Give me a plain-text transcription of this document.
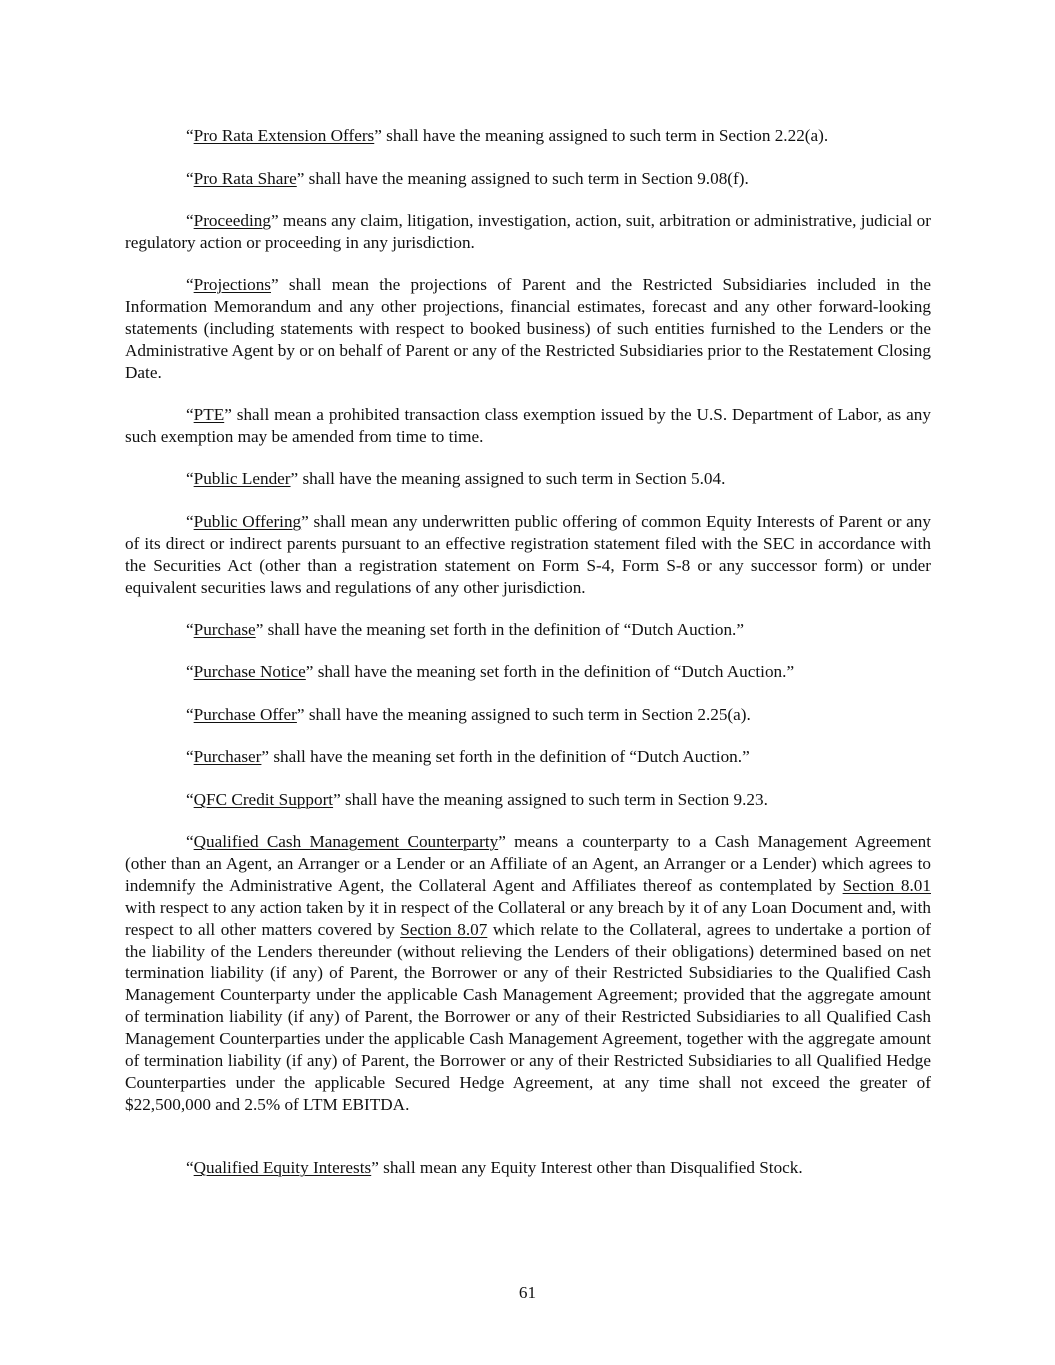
“Pro Rata Extension Offers” shall have the meaning assigned to such term in Section 2.22(a).

“Pro Rata Share” shall have the meaning assigned to such term in Section 9.08(f).

“Proceeding” means any claim, litigation, investigation, action, suit, arbitration or administrative, judicial or regulatory action or proceeding in any jurisdiction.

“Projections” shall mean the projections of Parent and the Restricted Subsidiaries included in the Information Memorandum and any other projections, financial estimates, forecast and any other forward-looking statements (including statements with respect to booked business) of such entities furnished to the Lenders or the Administrative Agent by or on behalf of Parent or any of the Restricted Subsidiaries prior to the Restatement Closing Date.

“PTE” shall mean a prohibited transaction class exemption issued by the U.S. Department of Labor, as any such exemption may be amended from time to time.

“Public Lender” shall have the meaning assigned to such term in Section 5.04.

“Public Offering” shall mean any underwritten public offering of common Equity Interests of Parent or any of its direct or indirect parents pursuant to an effective registration statement filed with the SEC in accordance with the Securities Act (other than a registration statement on Form S-4, Form S-8 or any successor form) or under equivalent securities laws and regulations of any other jurisdiction.

“Purchase” shall have the meaning set forth in the definition of “Dutch Auction.”

“Purchase Notice” shall have the meaning set forth in the definition of “Dutch Auction.”

“Purchase Offer” shall have the meaning assigned to such term in Section 2.25(a).

“Purchaser” shall have the meaning set forth in the definition of “Dutch Auction.”

“QFC Credit Support” shall have the meaning assigned to such term in Section 9.23.

“Qualified Cash Management Counterparty” means a counterparty to a Cash Management Agreement (other than an Agent, an Arranger or a Lender or an Affiliate of an Agent, an Arranger or a Lender) which agrees to indemnify the Administrative Agent, the Collateral Agent and Affiliates thereof as contemplated by Section 8.01 with respect to any action taken by it in respect of the Collateral or any breach by it of any Loan Document and, with respect to all other matters covered by Section 8.07 which relate to the Collateral, agrees to undertake a portion of the liability of the Lenders thereunder (without relieving the Lenders of their obligations) determined based on net termination liability (if any) of Parent, the Borrower or any of their Restricted Subsidiaries to the Qualified Cash Management Counterparty under the applicable Cash Management Agreement; provided that the aggregate amount of termination liability (if any) of Parent, the Borrower or any of their Restricted Subsidiaries to all Qualified Cash Management Counterparties under the applicable Cash Management Agreement, together with the aggregate amount of termination liability (if any) of Parent, the Borrower or any of their Restricted Subsidiaries to all Qualified Hedge Counterparties under the applicable Secured Hedge Agreement, at any time shall not exceed the greater of $22,500,000 and 2.5% of LTM EBITDA.

“Qualified Equity Interests” shall mean any Equity Interest other than Disqualified Stock.

61
